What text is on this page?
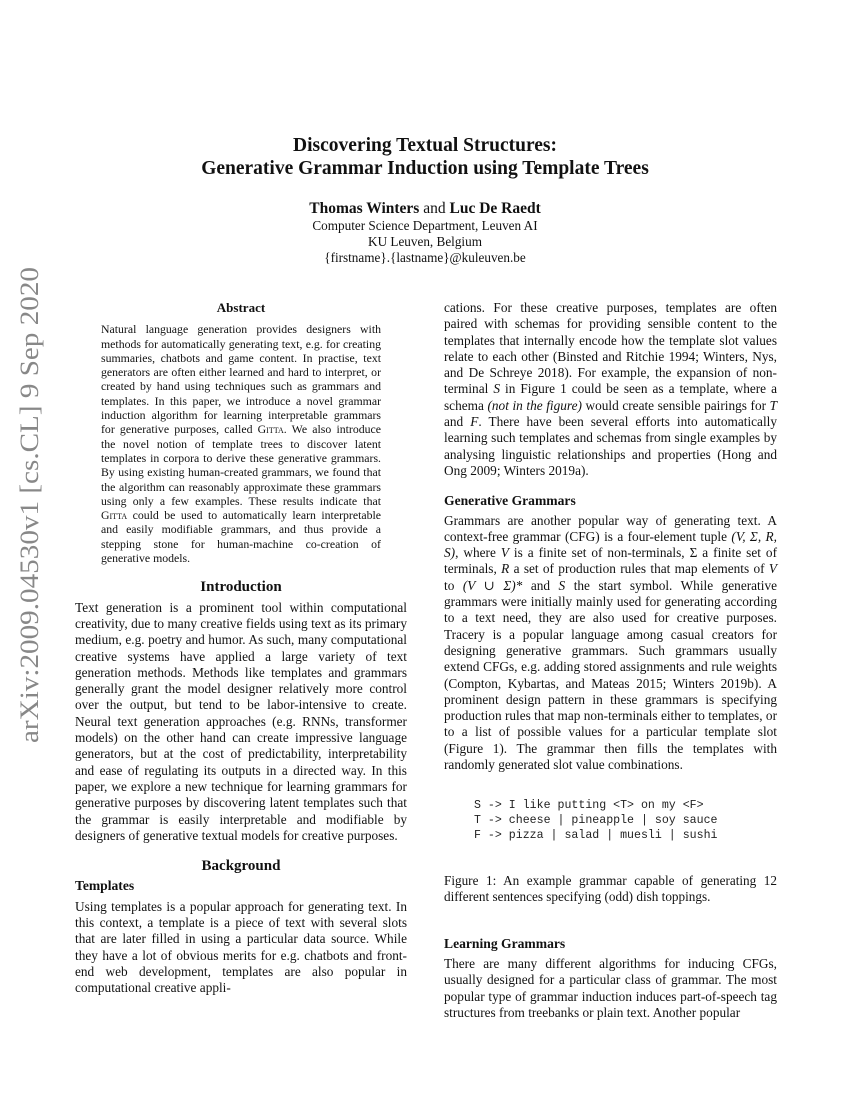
arXiv:2009.04530v1 [cs.CL] 9 Sep 2020
Discovering Textual Structures:
Generative Grammar Induction using Template Trees
Thomas Winters and Luc De Raedt
Computer Science Department, Leuven AI
KU Leuven, Belgium
{firstname}.{lastname}@kuleuven.be
Abstract

Natural language generation provides designers with methods for automatically generating text, e.g. for creating summaries, chatbots and game content. In practise, text generators are often either learned and hard to interpret, or created by hand using techniques such as grammars and templates. In this paper, we introduce a novel grammar induction algorithm for learning interpretable grammars for generative purposes, called Gitta. We also introduce the novel notion of template trees to discover latent templates in corpora to derive these generative grammars. By using existing human-created grammars, we found that the algorithm can reasonably approximate these grammars using only a few examples. These results indicate that Gitta could be used to automatically learn interpretable and easily modifiable grammars, and thus provide a stepping stone for human-machine co-creation of generative models.

Introduction

Text generation is a prominent tool within computational creativity, due to many creative fields using text as its primary medium, e.g. poetry and humor. As such, many computational creative systems have applied a large variety of text generation methods. Methods like templates and grammars generally grant the model designer relatively more control over the output, but tend to be labor-intensive to create. Neural text generation approaches (e.g. RNNs, transformer models) on the other hand can create impressive language generators, but at the cost of predictability, interpretability and ease of regulating its outputs in a directed way. In this paper, we explore a new technique for learning grammars for generative purposes by discovering latent templates such that the grammar is easily interpretable and modifiable by designers of generative textual models for creative purposes.

Background
Templates

Using templates is a popular approach for generating text. In this context, a template is a piece of text with several slots that are later filled in using a particular data source. While they have a lot of obvious merits for e.g. chatbots and front-end web development, templates are also popular in computational creative appli-

cations. For these creative purposes, templates are often paired with schemas for providing sensible content to the templates that internally encode how the template slot values relate to each other (Binsted and Ritchie 1994; Winters, Nys, and De Schreye 2018). For example, the expansion of non-terminal S in Figure 1 could be seen as a template, where a schema (not in the figure) would create sensible pairings for T and F. There have been several efforts into automatically learning such templates and schemas from single examples by analysing linguistic relationships and properties (Hong and Ong 2009; Winters 2019a).

Generative Grammars

Grammars are another popular way of generating text. A context-free grammar (CFG) is a four-element tuple (V, Σ, R, S), where V is a finite set of non-terminals, Σ a finite set of terminals, R a set of production rules that map elements of V to (V ∪ Σ)* and S the start symbol. While generative grammars were initially mainly used for generating according to a text need, they are also used for creative purposes. Tracery is a popular language among casual creators for designing generative grammars. Such grammars usually extend CFGs, e.g. adding stored assignments and rule weights (Compton, Kybartas, and Mateas 2015; Winters 2019b). A prominent design pattern in these grammars is specifying production rules that map non-terminals either to templates, or to a list of possible values for a particular template slot (Figure 1). The grammar then fills the templates with randomly generated slot value combinations.

S -> I like putting <T> on my <F>
T -> cheese | pineapple | soy sauce
F -> pizza | salad | muesli | sushi

Figure 1: An example grammar capable of generating 12 different sentences specifying (odd) dish toppings.

Learning Grammars

There are many different algorithms for inducing CFGs, usually designed for a particular class of grammar. The most popular type of grammar induction induces part-of-speech tag structures from treebanks or plain text. Another popular
